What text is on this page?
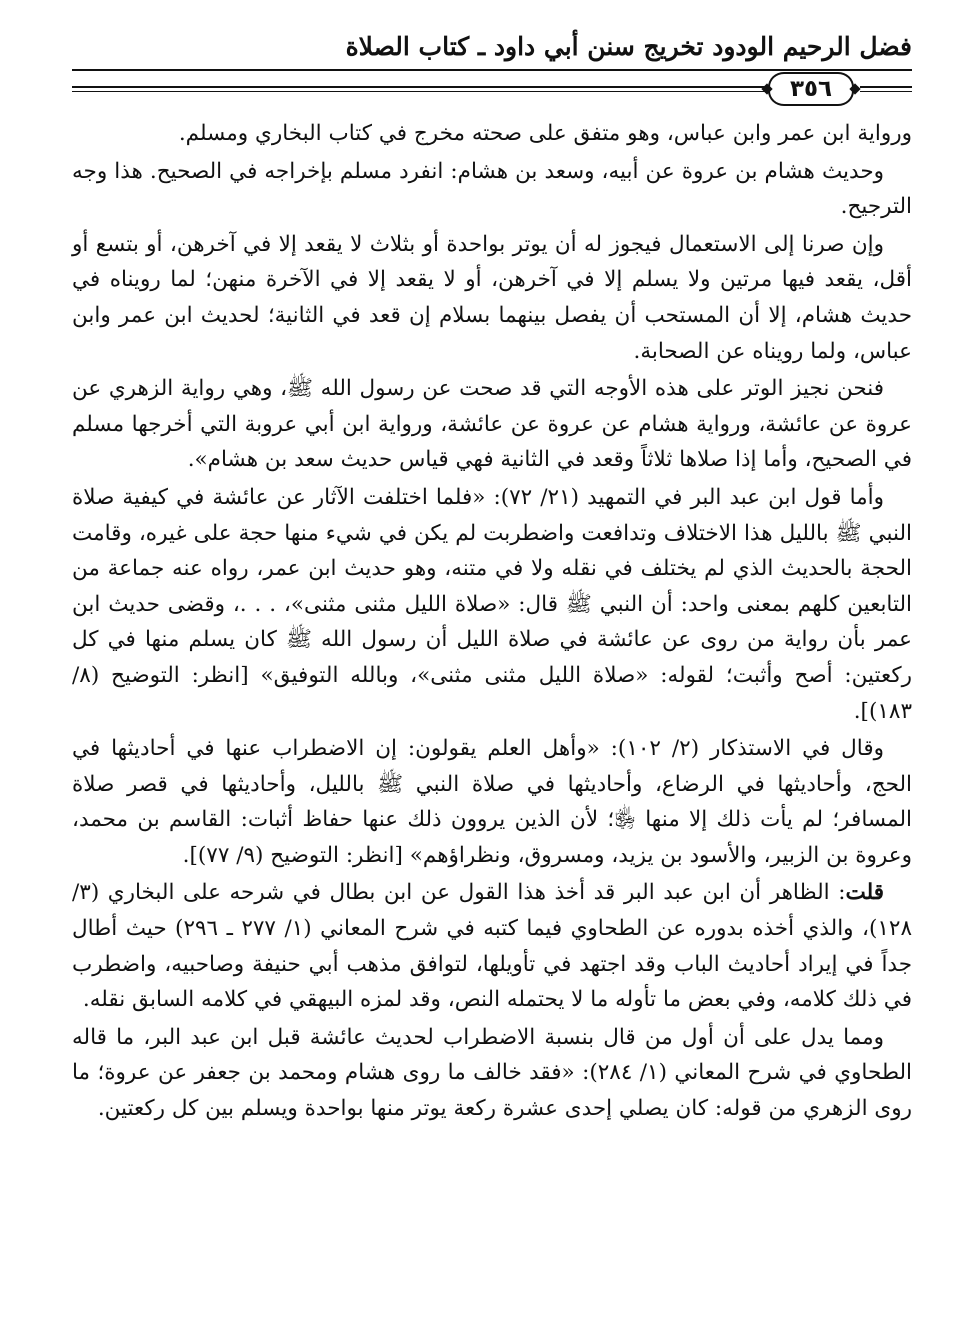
فضل الرحيم الودود تخريج سنن أبي داود ـ كتاب الصلاة
٣٥٦

ورواية ابن عمر وابن عباس، وهو متفق على صحته مخرج في كتاب البخاري ومسلم.

وحديث هشام بن عروة عن أبيه، وسعد بن هشام: انفرد مسلم بإخراجه في الصحيح. هذا وجه الترجيح.

وإن صرنا إلى الاستعمال فيجوز له أن يوتر بواحدة أو بثلاث لا يقعد إلا في آخرهن، أو بتسع أو أقل، يقعد فيها مرتين ولا يسلم إلا في آخرهن، أو لا يقعد إلا في الآخرة منهن؛ لما رويناه في حديث هشام، إلا أن المستحب أن يفصل بينهما بسلام إن قعد في الثانية؛ لحديث ابن عمر وابن عباس، ولما رويناه عن الصحابة.

فنحن نجيز الوتر على هذه الأوجه التي قد صحت عن رسول الله ﷺ، وهي رواية الزهري عن عروة عن عائشة، ورواية هشام عن عروة عن عائشة، ورواية ابن أبي عروبة التي أخرجها مسلم في الصحيح، وأما إذا صلاها ثلاثاً وقعد في الثانية فهي قياس حديث سعد بن هشام».

وأما قول ابن عبد البر في التمهيد (٢١/ ٧٢): «فلما اختلفت الآثار عن عائشة في كيفية صلاة النبي ﷺ بالليل هذا الاختلاف وتدافعت واضطربت لم يكن في شيء منها حجة على غيره، وقامت الحجة بالحديث الذي لم يختلف في نقله ولا في متنه، وهو حديث ابن عمر، رواه عنه جماعة من التابعين كلهم بمعنى واحد: أن النبي ﷺ قال: «صلاة الليل مثنى مثنى»، . . .، وقضى حديث ابن عمر بأن رواية من روى عن عائشة في صلاة الليل أن رسول الله ﷺ كان يسلم منها في كل ركعتين: أصح وأثبت؛ لقوله: «صلاة الليل مثنى مثنى»، وبالله التوفيق» [انظر: التوضيح (٨/ ١٨٣)].

وقال في الاستذكار (٢/ ١٠٢): «وأهل العلم يقولون: إن الاضطراب عنها في أحاديثها في الحج، وأحاديثها في الرضاع، وأحاديثها في صلاة النبي ﷺ بالليل، وأحاديثها في قصر صلاة المسافر؛ لم يأت ذلك إلا منها ﵂؛ لأن الذين يروون ذلك عنها حفاظ أثبات: القاسم بن محمد، وعروة بن الزبير، والأسود بن يزيد، ومسروق، ونظراؤهم» [انظر: التوضيح (٩/ ٧٧)].

قلت: الظاهر أن ابن عبد البر قد أخذ هذا القول عن ابن بطال في شرحه على البخاري (٣/ ١٢٨)، والذي أخذه بدوره عن الطحاوي فيما كتبه في شرح المعاني (١/ ٢٧٧ ـ ٢٩٦) حيث أطال جداً في إيراد أحاديث الباب وقد اجتهد في تأويلها، لتوافق مذهب أبي حنيفة وصاحبيه، واضطرب في ذلك كلامه، وفي بعض ما تأوله ما لا يحتمله النص، وقد لمزه البيهقي في كلامه السابق نقله.

ومما يدل على أن أول من قال بنسبة الاضطراب لحديث عائشة قبل ابن عبد البر، ما قاله الطحاوي في شرح المعاني (١/ ٢٨٤): «فقد خالف ما روى هشام ومحمد بن جعفر عن عروة؛ ما روى الزهري من قوله: كان يصلي إحدى عشرة ركعة يوتر منها بواحدة ويسلم بين كل ركعتين.
